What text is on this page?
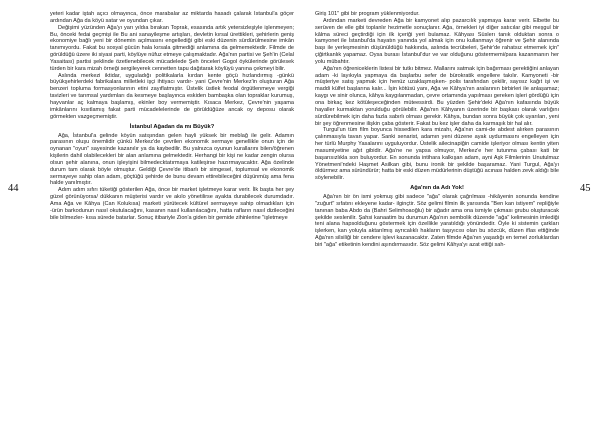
44

yeteri kadar iştah açıcı olmayınca, önce marabalar az miktarda hasadı çalarak İstanbul'a göçer ardından Ağa da köyü satar ve oyundan çıkar.

Değişimi yüzünden Ağa'yı yarı yıldıa bırakan Toprak, esasında artık yetersizleşiyle işlenmeyen; Bu, önceki fedai geçmişi ile Bu ani sanayileşme artışları, devletin kırsal ürettikleri, şehirlerin geniş ekonomiye bağlı yeni bir dönemin açılmasını engellediği gibi eski düzenin sürdürülmesine imkân tanımıyordu. Fakat bu sosyal gücün hala kırsala gitmediği anlamına da gelmemektedir. Filmde de görüldüğü üzere iki siyasi parti, köylüye nüfuz etmeye çalışmaktadır. Ağa'nın partisi ve Şeh'in (Celal Yasaitası) partisi şeklinde özetlenebilecek mücadelede Şeh önceleri Gogol öykülerinde görülesek türden bir kara mizah örneği sergileyerek cennetten tapu dağıtarak köylüyü yanına çekmeyi bilir.

Aslında merkezi iktidar, uyguladığı politikalarla kırdan kente göçü hızlandırmış -günkü büyükşehirlerdeki fabrikalara milletleki işçi ihtiyacı vardır- yani Çevre'nin Merkez'in oluşturan Ağa benzeri topluma formasyonlarının etini zayıflatmıştır. Üstelik üstlek feodal örgütlenmeye vergiği tavizleri ve tarımsal yardımları da kesmeye başlayınca eskiden bambaşka olan topraklar kurumuş, hayvanlar aç kalmaya başlamış, ekinler boy vermemiştir. Kısaca Merkez, Çevre'nin yaşama imkânlarını kısıtlamış fakat parti mücadelelerinde de görüldüğüze ancak oy deposu olarak görmekten vazgeçmemiştir.

İstanbul Ağadan da mı Büyük?

Ağa, İstanbul'a gelinde köyün satışından gelen hayli yüksek bir meblağ ile gelir. Adamın parasının oluşu önemlidir çünkü Merkez'de çevrilen ekonomik sermaye genellikle onun için de oynanan "oyun" sayesinde kazanılır ya da kaybedilir. Bu yalnızca oyunun kurallarını bilen/öğrenen kişilerin dahil olabilecekleri bir alan anlamına gelmektedir. Herhangi bir kişi ne kadar zengin olursa olsun şehir alanına, onun işleyişini bilmedecktatırmaya katileşirse hazırmayacaktır. Ağa özelinde durum tam olarak böyle olmuştur. Geldiği Çevre'de itibarlı bir simgesel, toplumsal ve ekonomik sermayeye sahip olan adam, göçtüğü şehirde de bunu devam ettirebileceğini düşünmüş ama fena halde yanılmıştır.

Adım adım sıfırı tüketiği gösterilen Ağa, önce bir market işletmeye karar verir. İlk başta her şey güzel görünüyorsa/ dükkanın müşterisi vardır ve akılo yönetilirse ayakta durabilecek durumdadır. Ama Ağa ve Kâhya (Can Kolukısa) marketi yürütecek kültürel sermayeye sahip olmadıkları için -ürün barkodunun nasıl okutulacağını, kasanın nasıl kullanılacağını, hatta rafların nasıl dizileceğini bile bilmezler- kısa sürede batarlar. Sonuç itibariyle Zion'a giden bir gemide zihinlerine "işletmeye

Giriş 101" gibi bir program yüklenmiyordur.

Ardından marketi devreden Ağa bir kamyonet alıp pazarcılık yapmaya karar verir. Elbette bu serüven de elle gibi toplanlır hezimetle sonuçlanır. Ağa, örnekleri iyi diğer satıcılar gibi meşgul bir kâlma süreci geçtirdiği için ilk içeriği yeri bulamaz. Kâhyası Süslerı tanık olduktan sonra o kamyonet ile İstanbul'da hayatın yanında yol almak için onu kullanmayı öğrenir ve Şehir alanında başı ile yerleşmesinin düşünüldüğü hakkında, aslında tecrübeleri, Şehir'de rahatsız etmemek için" çiğirtkanlık yapamaz. Oysa burası İstanbul'dur ve var olduğunu göstermemi/para kazanmanın her yolu mübahtır.

Ağa'nın öğreniceklerin listesi bir tutkı bitmez. Mallarını satmak için bağırması gerektiğini anlayan adam -ki layıkıyla yapmaya da başlarbu sefer de bürokratik engellere takılır. Kamyoneti -bir müşteriye satış yapmak için henüz uzaklaşmışken- polis tarafından çekilir, sayısız kağıt işi ve maddi külfet başlarına kalır... İşin kötüsü yanı, Ağa ve Kâhya'nın aralarının birbirleri ile anlaşamaz; kaygı ve sinir olunca, kâhya kaygılanmadan, çevre ortamında yapılması gereken işleri gördüğü için ona birkaç kez kötüleşeceğinden müteessirdi. Bu yüzden Şehir'deki Ağa'nın kafasında büyük hayaller kurmaktan yorulduğu görülebilir. Ağa'nın Kâhyanın üzerinde bir başkası olarak varlığını sürdürebilmek için daha fazla sabırlı olması gerekir. Kâhya, bundan sonra büyük çok uyarıları, yeni bir şey öğrenmesine ilişkin çaba gösterir. Fakat bu kez işler daha da karmaşık bir hal alır.

Turgul'un tüm film boyunca hissedilen kara mizahı, Ağa'nın cami-de abdest alırken parasının çalınmasıyla tavan yapar. Sanki senarist, adamın yeni düzene ayak uydurmasını engelleyen için her türlü Murphy Yasalarını uyguluyordur. Üstelik ailecinapiğin camide işleriyor olması kentin yiten masumiyetine ağıt gibidir. Ağa'ne ne yapsa olmuyor, Merkez'e her tutunma çabası kati bir başarısızlıkla son buluyordur. En sonunda intihara kalkışan adam, ayni Aşk Filmlerinin Unutulmaz Yönetmeni'ndeki Haşmet Asilkan gibi, bunu ironik bir şekilde başaramaz. Yani Turgul, Ağa'yı öldürmez ama süründürür; hatta bir eski düzen müdürlerinin düştüğü acınası halden zevk aldığı bile söylenebilir.

Ağa'nın da Adı Yok!

Ağa'nın bir ön ismi yokmuş gibi sadece "ağa" olarak çağrılması -hikâyenin sonunda kendine "zuğurt" sıfatını ekleyene kadar- ilginçtir. Söz gelimi filmin ilk yarısında "Ben kan istiyem" repliğiyle tanınan baba Abdo da (Bahri Selimhoaoğlu) bir ağadır ama ona ismiyle çıkması grubu oluşturacak şekilde seslenilir. Şahsi kanaatim bu durumun Ağa'nın sembolik düzende "ağa" kelimesinin imlediği teni alana hapsolduğunu göstermek için özellikle yaratıldığı yönündedir. Öyle ki sistemin çarkları işlerken, kan yoluyla aktarılmış ayrıcalıklı hakların taşıyıcısı olan bu sözcük, düzen iflas ettiğinde Ağa'nın silsiliği bir cendere işlevi kazanacaktır. Zaten filmde Ağa'nın yaşadığı en temel zorluklardan biri "ağa" etiketinin kendini aşındırmasıdır. Söz gelimi Kâhya'yı azat ettiği sah-

45
